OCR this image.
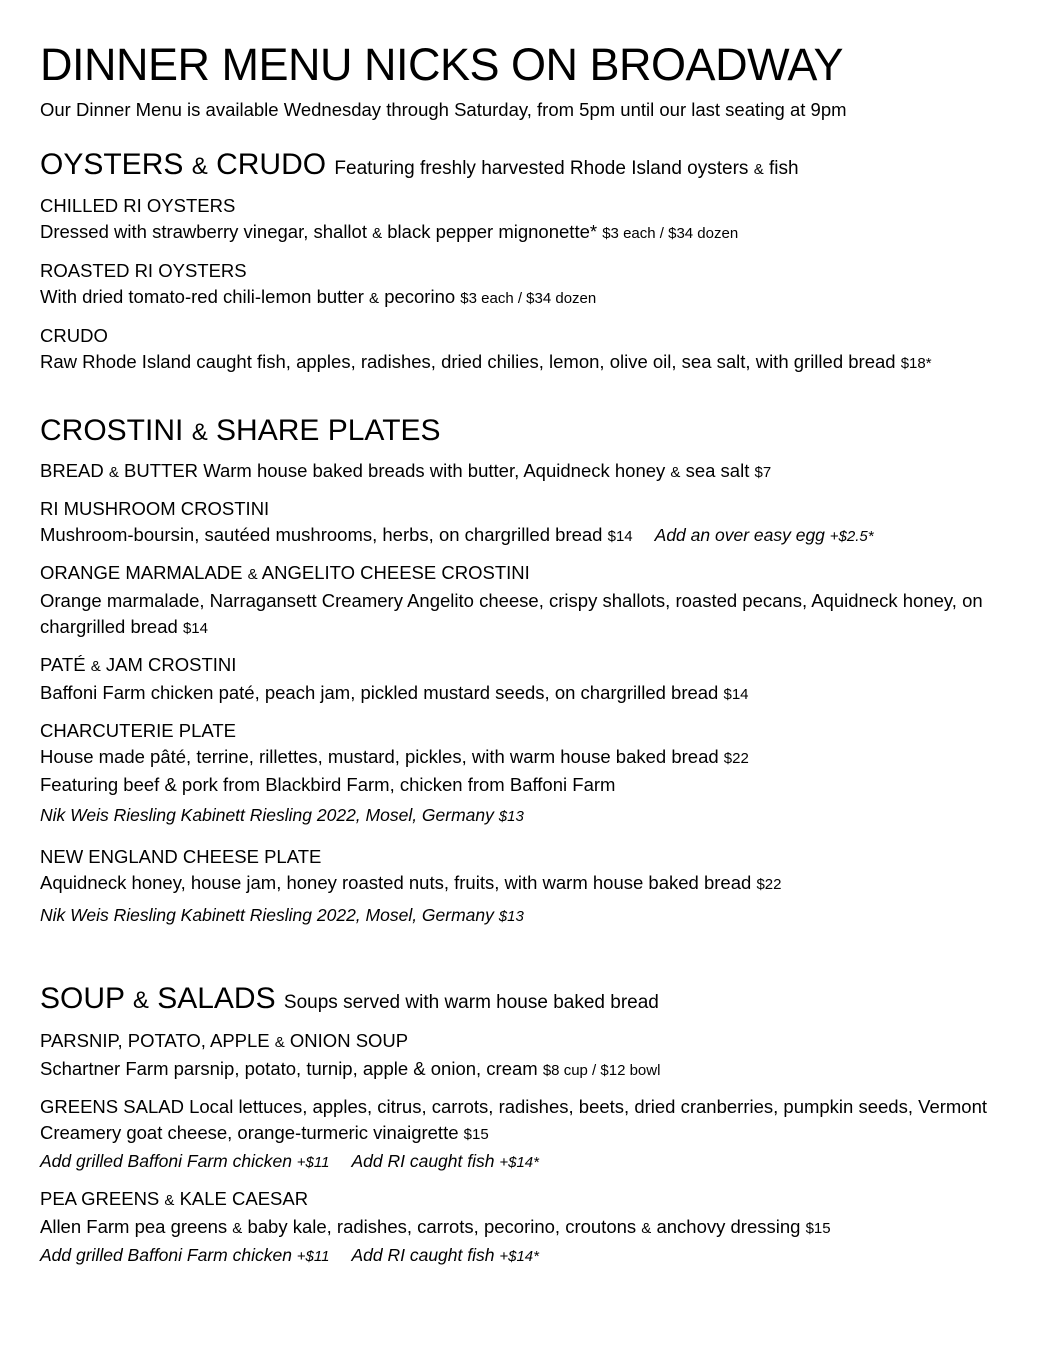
DINNER MENU NICKS ON BROADWAY
Our Dinner Menu is available Wednesday through Saturday, from 5pm until our last seating at 9pm
OYSTERS & CRUDO Featuring freshly harvested Rhode Island oysters & fish
CHILLED RI OYSTERS
Dressed with strawberry vinegar, shallot & black pepper mignonette* $3 each / $34 dozen
ROASTED RI OYSTERS
With dried tomato-red chili-lemon butter & pecorino $3 each / $34 dozen
CRUDO
Raw Rhode Island caught fish, apples, radishes, dried chilies, lemon, olive oil, sea salt, with grilled bread $18*
CROSTINI & SHARE PLATES
BREAD & BUTTER Warm house baked breads with butter, Aquidneck honey & sea salt $7
RI MUSHROOM CROSTINI
Mushroom-boursin, sautéed mushrooms, herbs, on chargrilled bread $14 Add an over easy egg +$2.5*
ORANGE MARMALADE & ANGELITO CHEESE CROSTINI
Orange marmalade, Narragansett Creamery Angelito cheese, crispy shallots, roasted pecans, Aquidneck honey, on chargrilled bread $14
PATÉ & JAM CROSTINI
Baffoni Farm chicken paté, peach jam, pickled mustard seeds, on chargrilled bread $14
CHARCUTERIE PLATE
House made pâté, terrine, rillettes, mustard, pickles, with warm house baked bread $22
Featuring beef & pork from Blackbird Farm, chicken from Baffoni Farm
Nik Weis Riesling Kabinett Riesling 2022, Mosel, Germany $13
NEW ENGLAND CHEESE PLATE
Aquidneck honey, house jam, honey roasted nuts, fruits, with warm house baked bread $22
Nik Weis Riesling Kabinett Riesling 2022, Mosel, Germany $13
SOUP & SALADS Soups served with warm house baked bread
PARSNIP, POTATO, APPLE & ONION SOUP
Schartner Farm parsnip, potato, turnip, apple & onion, cream $8 cup / $12 bowl
GREENS SALAD Local lettuces, apples, citrus, carrots, radishes, beets, dried cranberries, pumpkin seeds, Vermont Creamery goat cheese, orange-turmeric vinaigrette $15
Add grilled Baffoni Farm chicken +$11 Add RI caught fish +$14*
PEA GREENS & KALE CAESAR
Allen Farm pea greens & baby kale, radishes, carrots, pecorino, croutons & anchovy dressing $15
Add grilled Baffoni Farm chicken +$11 Add RI caught fish +$14*
